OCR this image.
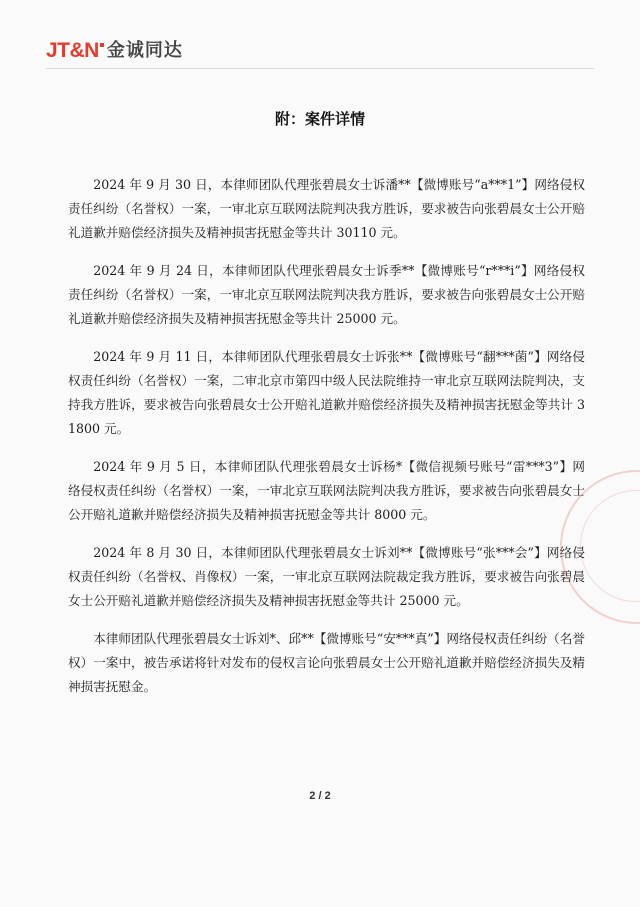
JT&N 金诚同达
附：案件详情

2024 年 9 月 30 日，本律师团队代理张碧晨女士诉潘**【微博账号“a***1”】网络侵权责任纠纷（名誉权）一案，一审北京互联网法院判决我方胜诉，要求被告向张碧晨女士公开赔礼道歉并赔偿经济损失及精神损害抚慰金等共计 30110 元。

2024 年 9 月 24 日，本律师团队代理张碧晨女士诉季**【微博账号“r***i”】网络侵权责任纠纷（名誉权）一案，一审北京互联网法院判决我方胜诉，要求被告向张碧晨女士公开赔礼道歉并赔偿经济损失及精神损害抚慰金等共计 25000 元。

2024 年 9 月 11 日，本律师团队代理张碧晨女士诉张**【微博账号“翻***菌”】网络侵权责任纠纷（名誉权）一案，二审北京市第四中级人民法院维持一审北京互联网法院判决，支持我方胜诉，要求被告向张碧晨女士公开赔礼道歉并赔偿经济损失及精神损害抚慰金等共计 31800 元。

2024 年 9 月 5 日，本律师团队代理张碧晨女士诉杨*【微信视频号账号“雷***3”】网络侵权责任纠纷（名誉权）一案，一审北京互联网法院判决我方胜诉，要求被告向张碧晨女士公开赔礼道歉并赔偿经济损失及精神损害抚慰金等共计 8000 元。

2024 年 8 月 30 日，本律师团队代理张碧晨女士诉刘**【微博账号“张***会”】网络侵权责任纠纷（名誉权、肖像权）一案，一审北京互联网法院裁定我方胜诉，要求被告向张碧晨女士公开赔礼道歉并赔偿经济损失及精神损害抚慰金等共计 25000 元。

本律师团队代理张碧晨女士诉刘*、邱**【微博账号“安***真”】网络侵权责任纠纷（名誉权）一案中，被告承诺将针对发布的侵权言论向张碧晨女士公开赔礼道歉并赔偿经济损失及精神损害抚慰金。

2 / 2
